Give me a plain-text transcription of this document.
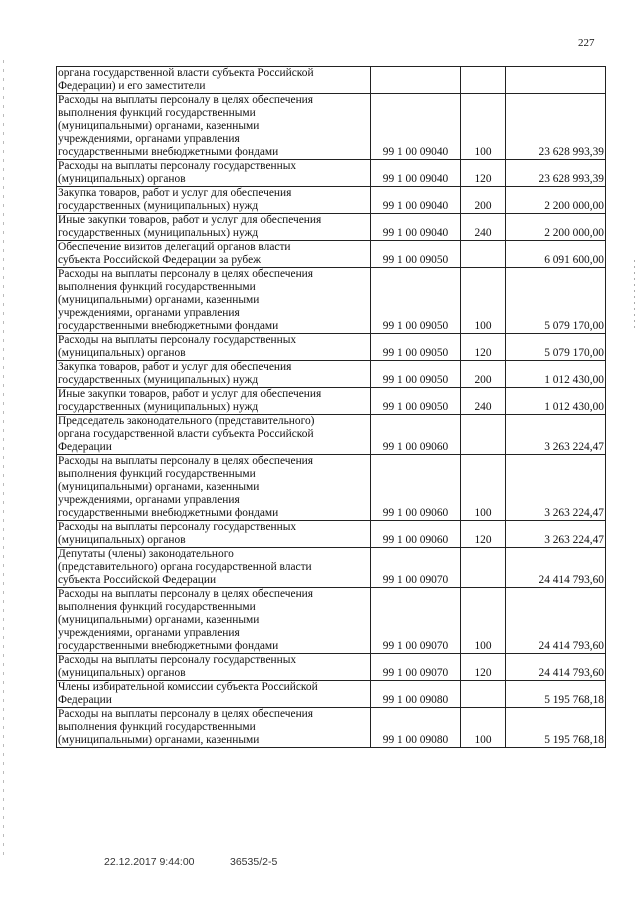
227
органа государственной власти субъекта Российской
Федерации) и его заместители			
Расходы на выплаты персоналу в целях обеспечения
выполнения функций государственными
(муниципальными) органами, казенными
учреждениями, органами управления
государственными внебюджетными фондами	99 1 00 09040	100	23 628 993,39
Расходы на выплаты персоналу государственных
(муниципальных) органов	99 1 00 09040	120	23 628 993,39
Закупка товаров, работ и услуг для обеспечения
государственных (муниципальных) нужд	99 1 00 09040	200	2 200 000,00
Иные закупки товаров, работ и услуг для обеспечения
государственных (муниципальных) нужд	99 1 00 09040	240	2 200 000,00
Обеспечение визитов делегаций органов власти
субъекта Российской Федерации за рубеж	99 1 00 09050		6 091 600,00
Расходы на выплаты персоналу в целях обеспечения
выполнения функций государственными
(муниципальными) органами, казенными
учреждениями, органами управления
государственными внебюджетными фондами	99 1 00 09050	100	5 079 170,00
Расходы на выплаты персоналу государственных
(муниципальных) органов	99 1 00 09050	120	5 079 170,00
Закупка товаров, работ и услуг для обеспечения
государственных (муниципальных) нужд	99 1 00 09050	200	1 012 430,00
Иные закупки товаров, работ и услуг для обеспечения
государственных (муниципальных) нужд	99 1 00 09050	240	1 012 430,00
Председатель законодательного (представительного)
органа государственной власти субъекта Российской
Федерации	99 1 00 09060		3 263 224,47
Расходы на выплаты персоналу в целях обеспечения
выполнения функций государственными
(муниципальными) органами, казенными
учреждениями, органами управления
государственными внебюджетными фондами	99 1 00 09060	100	3 263 224,47
Расходы на выплаты персоналу государственных
(муниципальных) органов	99 1 00 09060	120	3 263 224,47
Депутаты (члены) законодательного
(представительного) органа государственной власти
субъекта Российской Федерации	99 1 00 09070		24 414 793,60
Расходы на выплаты персоналу в целях обеспечения
выполнения функций государственными
(муниципальными) органами, казенными
учреждениями, органами управления
государственными внебюджетными фондами	99 1 00 09070	100	24 414 793,60
Расходы на выплаты персоналу государственных
(муниципальных) органов	99 1 00 09070	120	24 414 793,60
Члены избирательной комиссии субъекта Российской
Федерации	99 1 00 09080		5 195 768,18
Расходы на выплаты персоналу в целях обеспечения
выполнения функций государственными
(муниципальными) органами, казенными	99 1 00 09080	100	5 195 768,18
22.12.2017 9:44:00	36535/2-5
